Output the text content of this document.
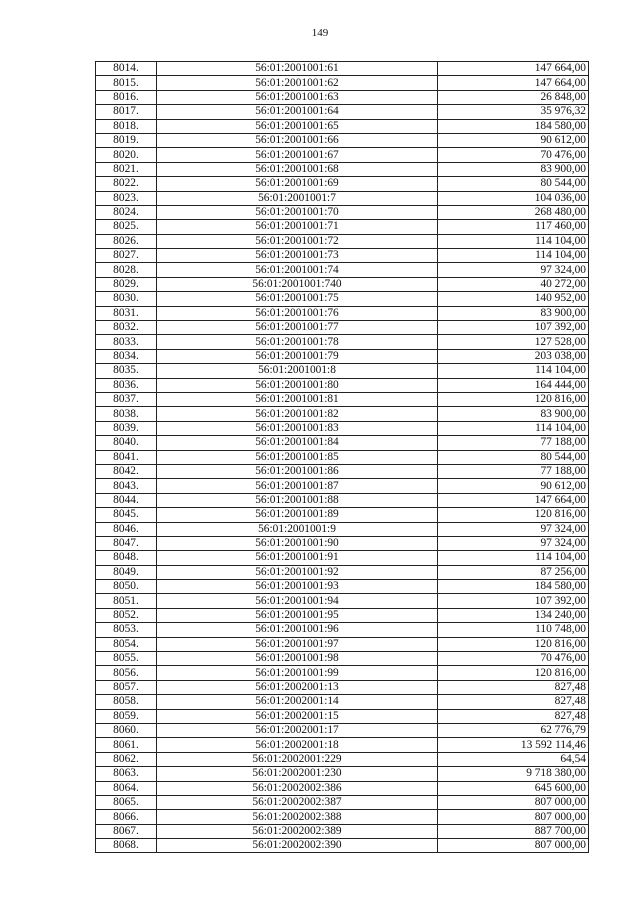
149
8014.	56:01:2001001:61	147 664,00
8015.	56:01:2001001:62	147 664,00
8016.	56:01:2001001:63	26 848,00
8017.	56:01:2001001:64	35 976,32
8018.	56:01:2001001:65	184 580,00
8019.	56:01:2001001:66	90 612,00
8020.	56:01:2001001:67	70 476,00
8021.	56:01:2001001:68	83 900,00
8022.	56:01:2001001:69	80 544,00
8023.	56:01:2001001:7	104 036,00
8024.	56:01:2001001:70	268 480,00
8025.	56:01:2001001:71	117 460,00
8026.	56:01:2001001:72	114 104,00
8027.	56:01:2001001:73	114 104,00
8028.	56:01:2001001:74	97 324,00
8029.	56:01:2001001:740	40 272,00
8030.	56:01:2001001:75	140 952,00
8031.	56:01:2001001:76	83 900,00
8032.	56:01:2001001:77	107 392,00
8033.	56:01:2001001:78	127 528,00
8034.	56:01:2001001:79	203 038,00
8035.	56:01:2001001:8	114 104,00
8036.	56:01:2001001:80	164 444,00
8037.	56:01:2001001:81	120 816,00
8038.	56:01:2001001:82	83 900,00
8039.	56:01:2001001:83	114 104,00
8040.	56:01:2001001:84	77 188,00
8041.	56:01:2001001:85	80 544,00
8042.	56:01:2001001:86	77 188,00
8043.	56:01:2001001:87	90 612,00
8044.	56:01:2001001:88	147 664,00
8045.	56:01:2001001:89	120 816,00
8046.	56:01:2001001:9	97 324,00
8047.	56:01:2001001:90	97 324,00
8048.	56:01:2001001:91	114 104,00
8049.	56:01:2001001:92	87 256,00
8050.	56:01:2001001:93	184 580,00
8051.	56:01:2001001:94	107 392,00
8052.	56:01:2001001:95	134 240,00
8053.	56:01:2001001:96	110 748,00
8054.	56:01:2001001:97	120 816,00
8055.	56:01:2001001:98	70 476,00
8056.	56:01:2001001:99	120 816,00
8057.	56:01:2002001:13	827,48
8058.	56:01:2002001:14	827,48
8059.	56:01:2002001:15	827,48
8060.	56:01:2002001:17	62 776,79
8061.	56:01:2002001:18	13 592 114,46
8062.	56:01:2002001:229	64,54
8063.	56:01:2002001:230	9 718 380,00
8064.	56:01:2002002:386	645 600,00
8065.	56:01:2002002:387	807 000,00
8066.	56:01:2002002:388	807 000,00
8067.	56:01:2002002:389	887 700,00
8068.	56:01:2002002:390	807 000,00
